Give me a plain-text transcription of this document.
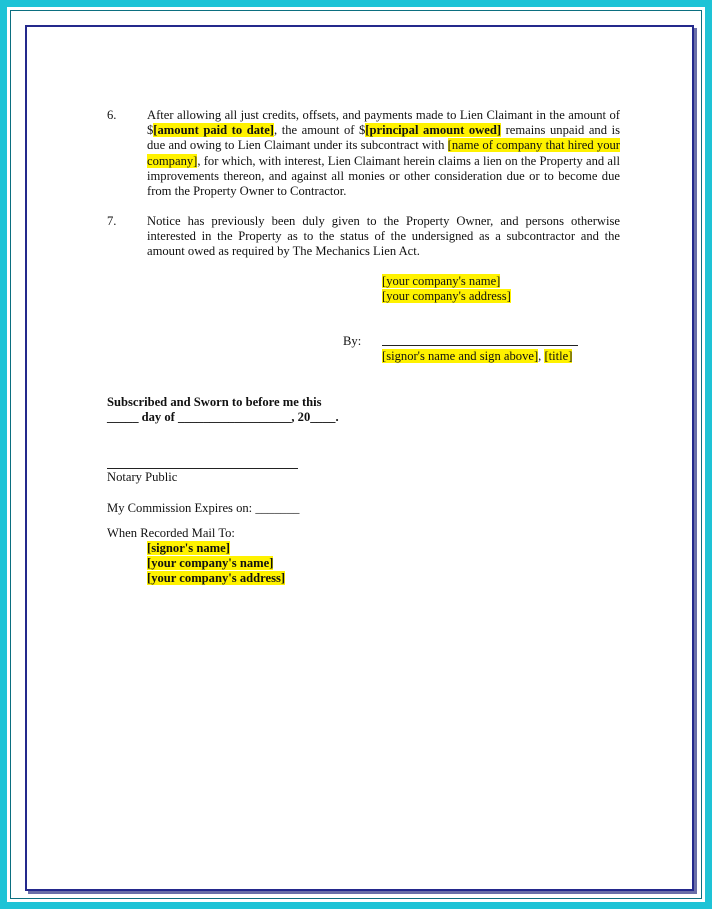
6. After allowing all just credits, offsets, and payments made to Lien Claimant in the amount of $[amount paid to date], the amount of $[principal amount owed] remains unpaid and is due and owing to Lien Claimant under its subcontract with [name of company that hired your company], for which, with interest, Lien Claimant herein claims a lien on the Property and all improvements thereon, and against all monies or other consideration due or to become due from the Property Owner to Contractor.
7. Notice has previously been duly given to the Property Owner, and persons otherwise interested in the Property as to the status of the undersigned as a subcontractor and the amount owed as required by The Mechanics Lien Act.
[your company's name]
[your company's address]
By:
[signor's name and sign above], [title]
Subscribed and Sworn to before me this
_____ day of __________________, 20____.
Notary Public
My Commission Expires on: _______
When Recorded Mail To:
[signor's name]
[your company's name]
[your company's address]
